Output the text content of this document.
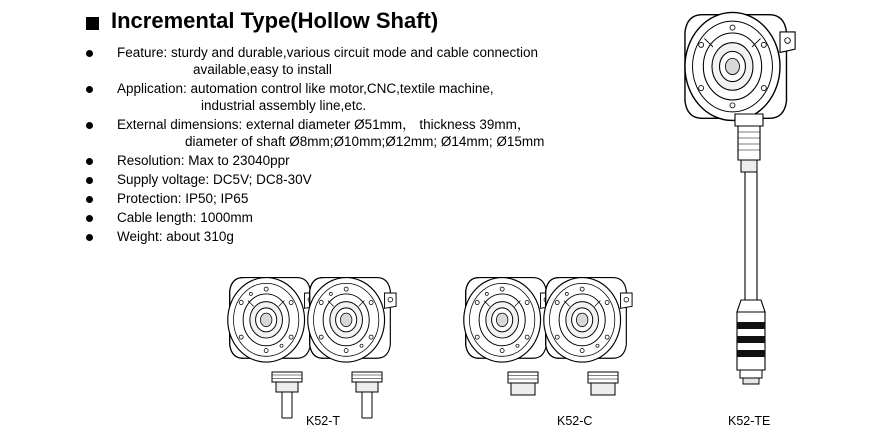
Incremental Type(Hollow Shaft)
Feature: sturdy and durable,various circuit mode and cable connection
available,easy to install
Application: automation control like motor,CNC,textile machine,
industrial assembly line,etc.
External dimensions: external diameter Ø51mm， thickness 39mm，
diameter of shaft Ø8mm;Ø10mm;Ø12mm; Ø14mm; Ø15mm
Resolution: Max to 23040ppr
Supply voltage: DC5V; DC8-30V
Protection: IP50; IP65
Cable length: 1000mm
Weight: about 310g
K52-T	K52-C	K52-TE
